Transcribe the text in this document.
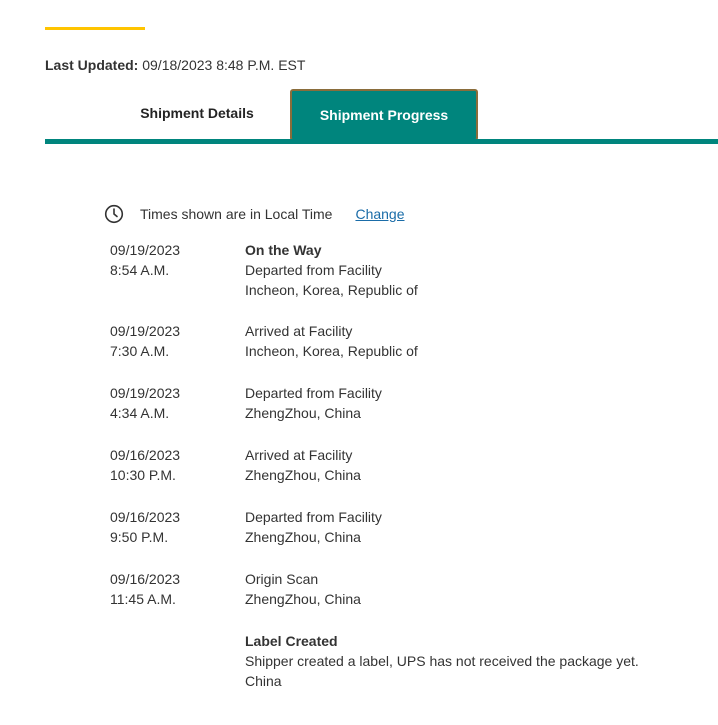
Last Updated: 09/18/2023 8:48 P.M. EST
Shipment Details	Shipment Progress
Times shown are in Local Time Change
09/19/2023
8:54 A.M.
On the Way
Departed from Facility
Incheon, Korea, Republic of
09/19/2023
7:30 A.M.
Arrived at Facility
Incheon, Korea, Republic of
09/19/2023
4:34 A.M.
Departed from Facility
ZhengZhou, China
09/16/2023
10:30 P.M.
Arrived at Facility
ZhengZhou, China
09/16/2023
9:50 P.M.
Departed from Facility
ZhengZhou, China
09/16/2023
11:45 A.M.
Origin Scan
ZhengZhou, China
Label Created
Shipper created a label, UPS has not received the package yet.
China
